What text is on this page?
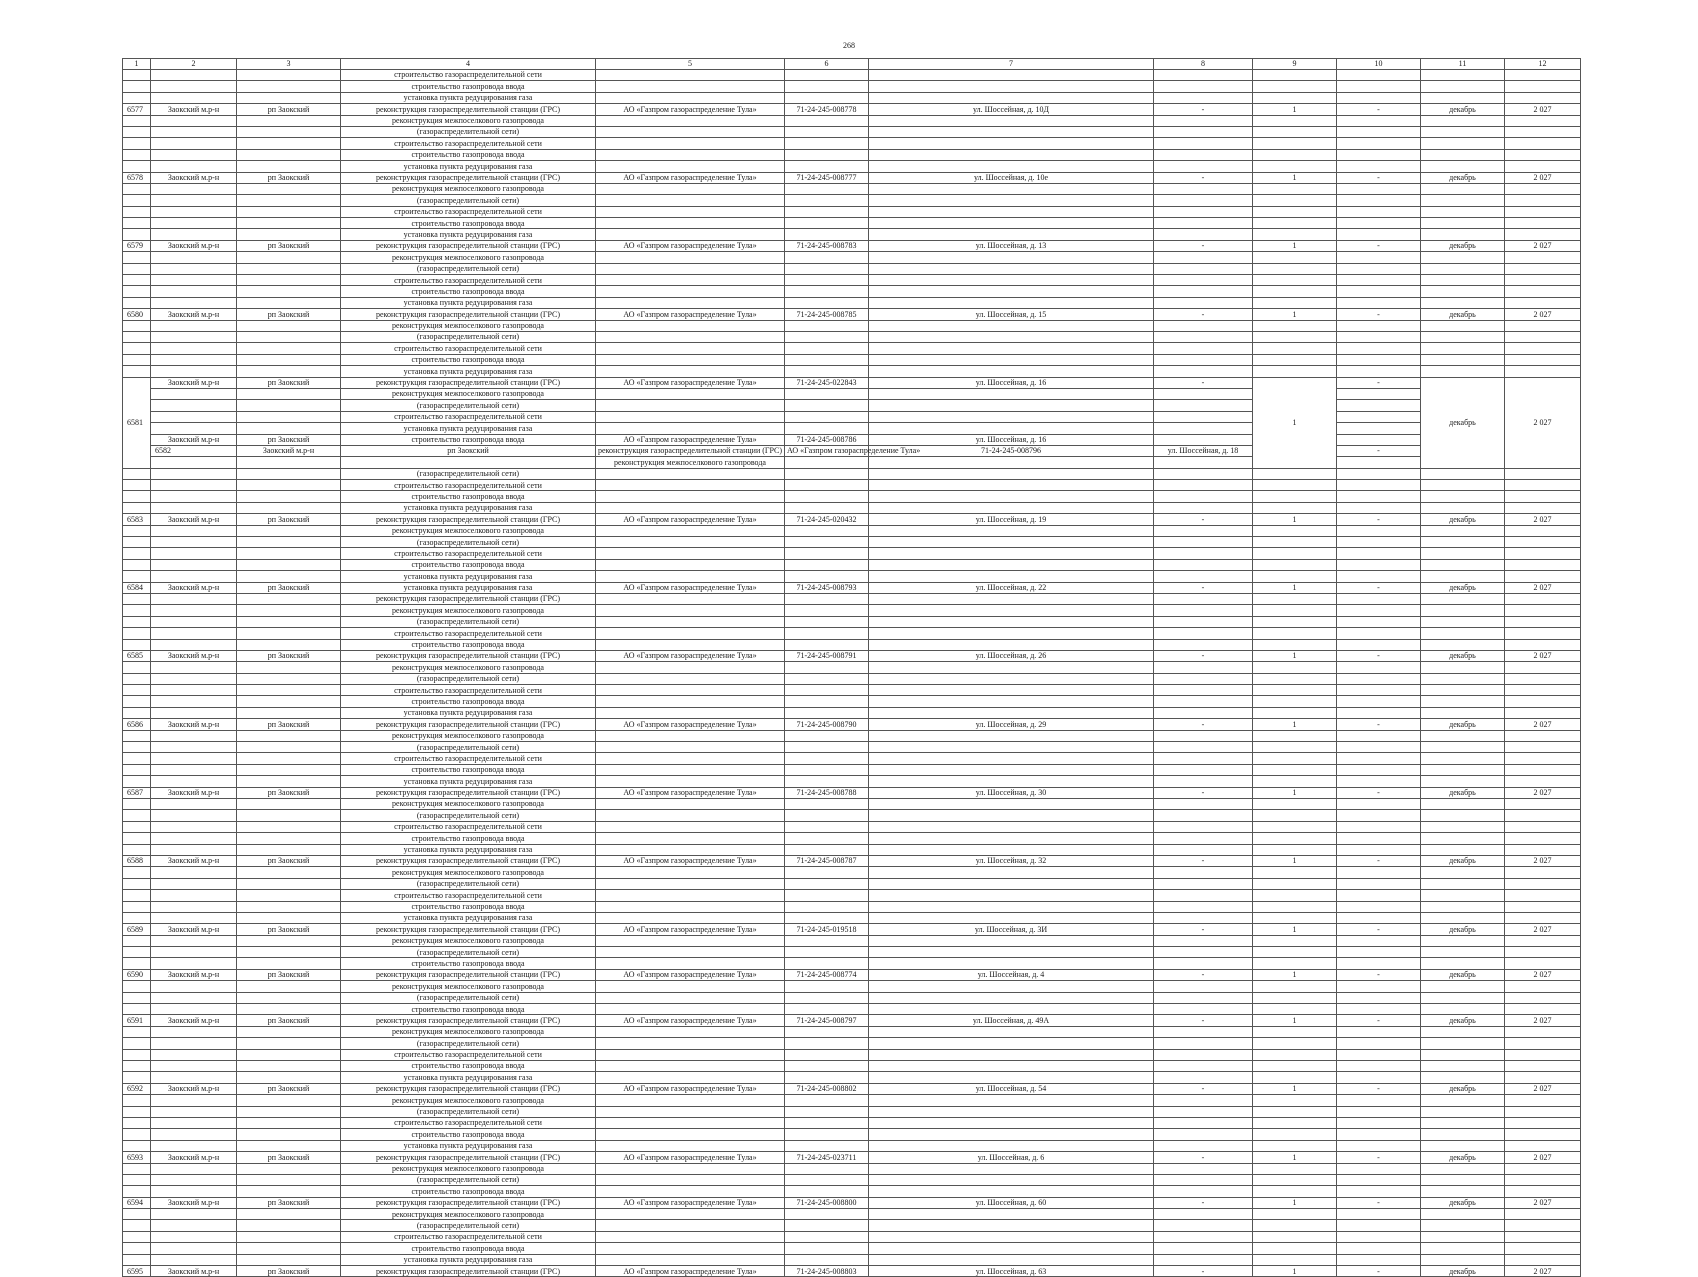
268
1	2	3	4	5	6	7	8	9	10	11	12	
			строительство газораспределительной сети									
			строительство газопровода ввода									
			установка пункта редуцирования газа									
6577	Заокский м.р-н	рп Заокский	реконструкция газораспределительной станции (ГРС)	АО «Газпром газораспределение Тула»	71-24-245-008778	ул. Шоссейная, д. 10Д	-	1	-	декабрь	2 027	
			реконструкция межпоселкового газопровода									
			(газораспределительной сети)									
			строительство газораспределительной сети									
			строительство газопровода ввода									
			установка пункта редуцирования газа									
6578	Заокский м.р-н	рп Заокский	реконструкция газораспределительной станции (ГРС)	АО «Газпром газораспределение Тула»	71-24-245-008777	ул. Шоссейная, д. 10е	-	1	-	декабрь	2 027	
			реконструкция межпоселкового газопровода									
			(газораспределительной сети)									
			строительство газораспределительной сети									
			строительство газопровода ввода									
			установка пункта редуцирования газа									
6579	Заокский м.р-н	рп Заокский	реконструкция газораспределительной станции (ГРС)	АО «Газпром газораспределение Тула»	71-24-245-008783	ул. Шоссейная, д. 13	-	1	-	декабрь	2 027	
			реконструкция межпоселкового газопровода									
			(газораспределительной сети)									
			строительство газораспределительной сети									
			строительство газопровода ввода									
			установка пункта редуцирования газа									
6580	Заокский м.р-н	рп Заокский	реконструкция газораспределительной станции (ГРС)	АО «Газпром газораспределение Тула»	71-24-245-008785	ул. Шоссейная, д. 15	-	1	-	декабрь	2 027	
			реконструкция межпоселкового газопровода									
			(газораспределительной сети)									
			строительство газораспределительной сети									
			строительство газопровода ввода									
			установка пункта редуцирования газа									
6581	Заокский м.р-н	рп Заокский	реконструкция газораспределительной станции (ГРС)	АО «Газпром газораспределение Тула»	71-24-245-022843	ул. Шоссейная, д. 16	-	1	-	декабрь	2 027	
			реконструкция межпоселкового газопровода									
			(газораспределительной сети)									
			строительство газораспределительной сети									
			установка пункта редуцирования газа									
	Заокский м.р-н	рп Заокский	строительство газопровода ввода	АО «Газпром газораспределение Тула»	71-24-245-008786	ул. Шоссейная, д. 16						
	6582	Заокский м.р-н	рп Заокский	реконструкция газораспределительной станции (ГРС)	АО «Газпром газораспределение Тула»	71-24-245-008796	ул. Шоссейная, д. 18		-				
				реконструкция межпоселкового газопровода								
			(газораспределительной сети)									
			строительство газораспределительной сети									
			строительство газопровода ввода									
			установка пункта редуцирования газа									
6583	Заокский м.р-н	рп Заокский	реконструкция газораспределительной станции (ГРС)	АО «Газпром газораспределение Тула»	71-24-245-020432	ул. Шоссейная, д. 19	-	1	-	декабрь	2 027	
			реконструкция межпоселкового газопровода									
			(газораспределительной сети)									
			строительство газораспределительной сети									
			строительство газопровода ввода									
			установка пункта редуцирования газа									
6584	Заокский м.р-н	рп Заокский	установка пункта редуцирования газа	АО «Газпром газораспределение Тула»	71-24-245-008793	ул. Шоссейная, д. 22	-	1	-	декабрь	2 027	
			реконструкция газораспределительной станции (ГРС)									
			реконструкция межпоселкового газопровода									
			(газораспределительной сети)									
			строительство газораспределительной сети									
			строительство газопровода ввода									
6585	Заокский м.р-н	рп Заокский	реконструкция газораспределительной станции (ГРС)	АО «Газпром газораспределение Тула»	71-24-245-008791	ул. Шоссейная, д. 26	-	1	-	декабрь	2 027	
			реконструкция межпоселкового газопровода									
			(газораспределительной сети)									
			строительство газораспределительной сети									
			строительство газопровода ввода									
			установка пункта редуцирования газа									
6586	Заокский м.р-н	рп Заокский	реконструкция газораспределительной станции (ГРС)	АО «Газпром газораспределение Тула»	71-24-245-008790	ул. Шоссейная, д. 29	-	1	-	декабрь	2 027	
			реконструкция межпоселкового газопровода									
			(газораспределительной сети)									
			строительство газораспределительной сети									
			строительство газопровода ввода									
			установка пункта редуцирования газа									
6587	Заокский м.р-н	рп Заокский	реконструкция газораспределительной станции (ГРС)	АО «Газпром газораспределение Тула»	71-24-245-008788	ул. Шоссейная, д. 30	-	1	-	декабрь	2 027	
			реконструкция межпоселкового газопровода									
			(газораспределительной сети)									
			строительство газораспределительной сети									
			строительство газопровода ввода									
			установка пункта редуцирования газа									
6588	Заокский м.р-н	рп Заокский	реконструкция газораспределительной станции (ГРС)	АО «Газпром газораспределение Тула»	71-24-245-008787	ул. Шоссейная, д. 32	-	1	-	декабрь	2 027	
			реконструкция межпоселкового газопровода									
			(газораспределительной сети)									
			строительство газораспределительной сети									
			строительство газопровода ввода									
			установка пункта редуцирования газа									
6589	Заокский м.р-н	рп Заокский	реконструкция газораспределительной станции (ГРС)	АО «Газпром газораспределение Тула»	71-24-245-019518	ул. Шоссейная, д. 3И	-	1	-	декабрь	2 027	
			реконструкция межпоселкового газопровода									
			(газораспределительной сети)									
			строительство газопровода ввода									
6590	Заокский м.р-н	рп Заокский	реконструкция газораспределительной станции (ГРС)	АО «Газпром газораспределение Тула»	71-24-245-008774	ул. Шоссейная, д. 4	-	1	-	декабрь	2 027	
			реконструкция межпоселкового газопровода									
			(газораспределительной сети)									
			строительство газопровода ввода									
6591	Заокский м.р-н	рп Заокский	реконструкция газораспределительной станции (ГРС)	АО «Газпром газораспределение Тула»	71-24-245-008797	ул. Шоссейная, д. 49А	-	1	-	декабрь	2 027	
			реконструкция межпоселкового газопровода									
			(газораспределительной сети)									
			строительство газораспределительной сети									
			строительство газопровода ввода									
			установка пункта редуцирования газа									
6592	Заокский м.р-н	рп Заокский	реконструкция газораспределительной станции (ГРС)	АО «Газпром газораспределение Тула»	71-24-245-008802	ул. Шоссейная, д. 54	-	1	-	декабрь	2 027	
			реконструкция межпоселкового газопровода									
			(газораспределительной сети)									
			строительство газораспределительной сети									
			строительство газопровода ввода									
			установка пункта редуцирования газа									
6593	Заокский м.р-н	рп Заокский	реконструкция газораспределительной станции (ГРС)	АО «Газпром газораспределение Тула»	71-24-245-023711	ул. Шоссейная, д. 6	-	1	-	декабрь	2 027	
			реконструкция межпоселкового газопровода									
			(газораспределительной сети)									
			строительство газопровода ввода									
6594	Заокский м.р-н	рп Заокский	реконструкция газораспределительной станции (ГРС)	АО «Газпром газораспределение Тула»	71-24-245-008800	ул. Шоссейная, д. 60	-	1	-	декабрь	2 027	
			реконструкция межпоселкового газопровода									
			(газораспределительной сети)									
			строительство газораспределительной сети									
			строительство газопровода ввода									
			установка пункта редуцирования газа									
6595	Заокский м.р-н	рп Заокский	реконструкция газораспределительной станции (ГРС)	АО «Газпром газораспределение Тула»	71-24-245-008803	ул. Шоссейная, д. 63	-	1	-	декабрь	2 027	
